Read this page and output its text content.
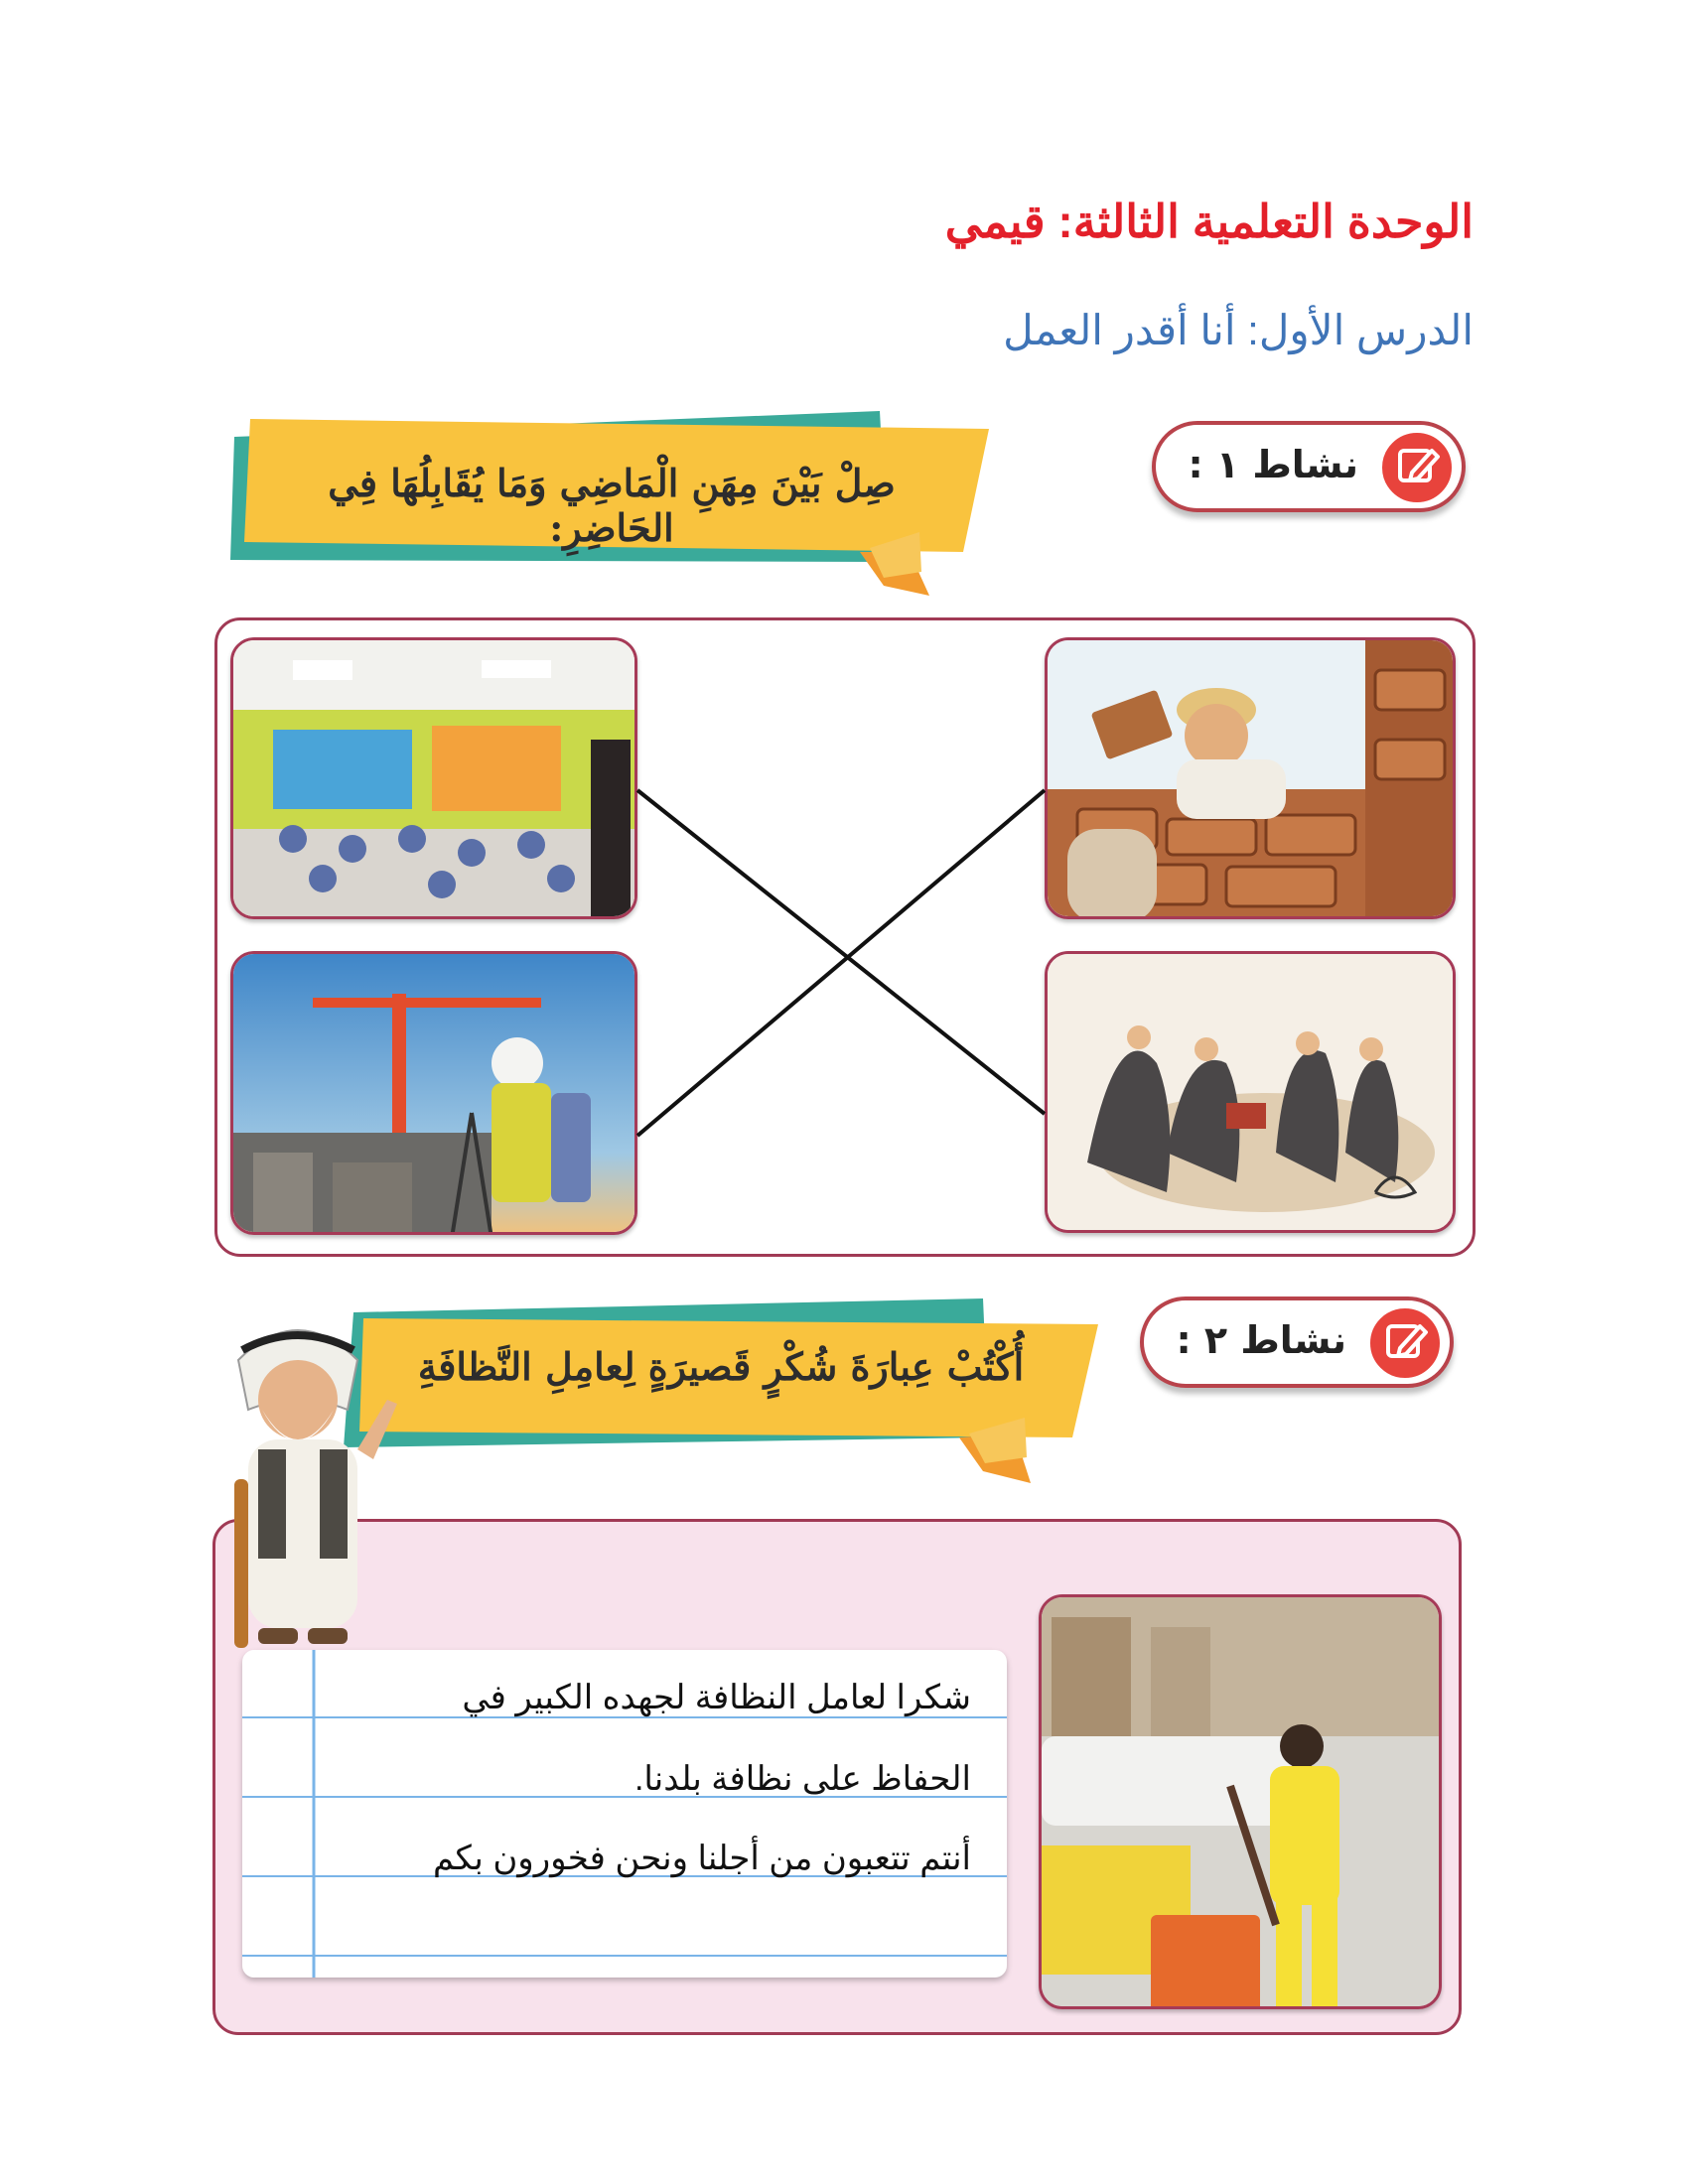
الوحدة التعلمية الثالثة: قيمي
الدرس الأول: أنا أقدر العمل
نشاط ١ :
صِلْ بَيْنَ مِهَنِ الْمَاضِي وَمَا يُقَابِلُهَا فِي الحَاضِرِ:
نشاط ٢ :
أُكْتُبْ عِبارَةَ شُكْرٍ قَصيرَةٍ لِعامِلِ النَّظافَةِ
شكرا لعامل النظافة لجهده الكبير في
الحفاظ على نظافة بلدنا.
أنتم تتعبون من أجلنا ونحن فخورون بكم
